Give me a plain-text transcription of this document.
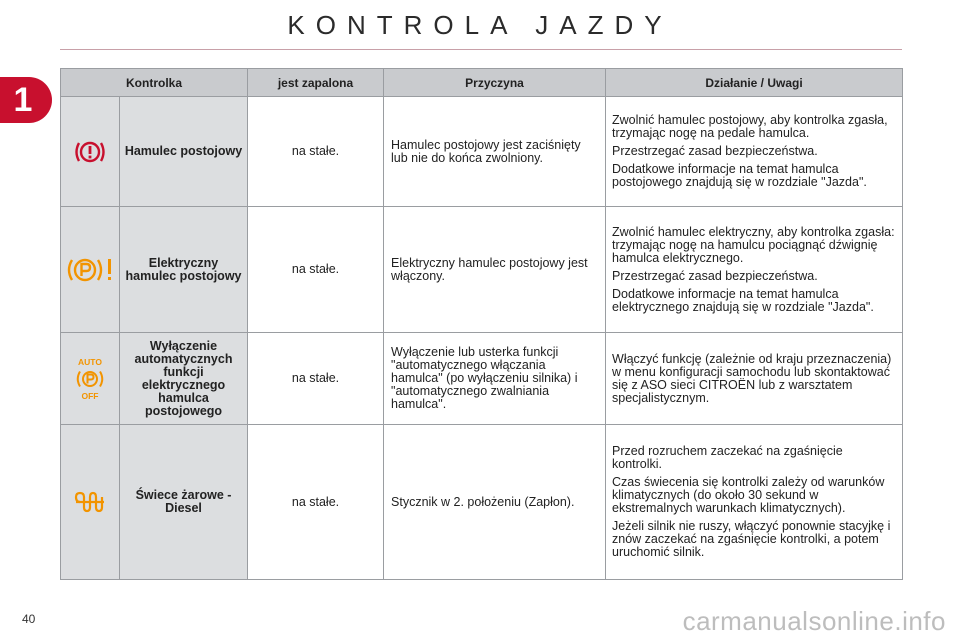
KONTROLA JAZDY
1	Kontrolka		jest zapalona	Przyczyna	Działanie / Uwagi

	Hamulec postojowy	na stałe.	Hamulec postojowy jest zaciśnięty lub nie do końca zwolniony.	Zwolnić hamulec postojowy, aby kontrolka zgasła, trzymając nogę na pedale hamulca.

Przestrzegać zasad bezpieczeństwa.

Dodatkowe informacje na temat hamulca postojowego znajdują się w rozdziale "Jazda".

	Elektryczny hamulec postojowy	na stałe.	Elektryczny hamulec postojowy jest włączony.	Zwolnić hamulec elektryczny, aby kontrolka zgasła: trzymając nogę na hamulcu pociągnąć dźwignię hamulca elektrycznego.

Przestrzegać zasad bezpieczeństwa.

Dodatkowe informacje na temat hamulca elektrycznego znajdują się w rozdziale "Jazda".

AUTO
OFF	Wyłączenie automatycznych funkcji elektrycznego hamulca postojowego	na stałe.	Wyłączenie lub usterka funkcji "automatycznego włączania hamulca" (po wyłączeniu silnika) i "automatycznego zwalniania hamulca".	Włączyć funkcję (zależnie od kraju przeznaczenia) w menu konfiguracji samochodu lub skontaktować się z ASO sieci CITROËN lub z warsztatem specjalistycznym.

	Świece żarowe - Diesel	na stałe.	Stycznik w 2. położeniu (Zapłon).	Przed rozruchem zaczekać na zgaśnięcie kontrolki.

Czas świecenia się kontrolki zależy od warunków klimatycznych (do około 30 sekund w ekstremalnych warunkach klimatycznych).

Jeżeli silnik nie ruszy, włączyć ponownie stacyjkę i znów zaczekać na zgaśnięcie kontrolki, a potem uruchomić silnik.

40	carmanualsonline.info
